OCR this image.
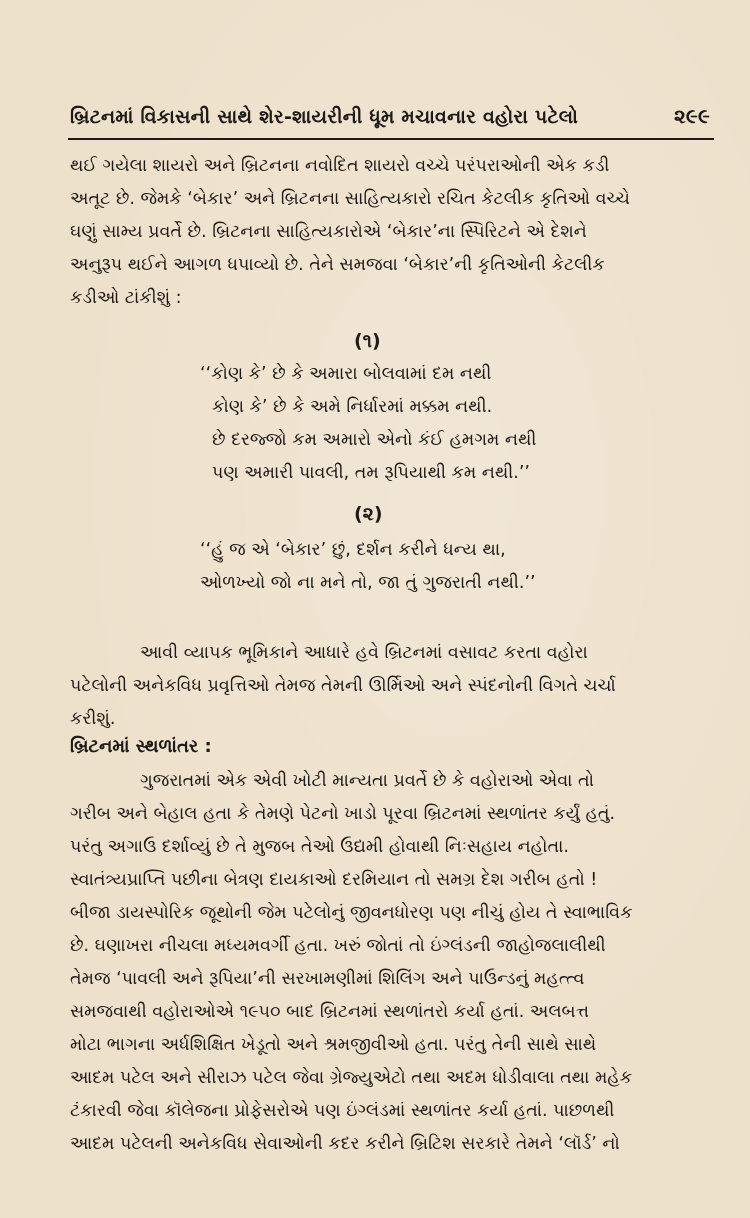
બ્રિટનમાં વિકાસની સાથે શેર-શાયરીની ધૂમ મચાવનાર વહોરા પટેલો	૨૯૯
થઈ ગયેલા શાયરો અને બ્રિટનના નવોદિત શાયરો વચ્ચે પરંપરાઓની એક કડી
અતૂટ છે. જેમકે ‘બેકાર’ અને બ્રિટનના સાહિત્યકારો રચિત કેટલીક કૃતિઓ વચ્ચે
ઘણું સામ્ય પ્રવર્તે છે. બ્રિટનના સાહિત્યકારોએ ‘બેકાર’ના સ્પિરિટને એ દેશને
અનુરૂપ થઈને આગળ ધપાવ્યો છે. તેને સમજવા ‘બેકાર’ની કૃતિઓની કેટલીક
કડીઓ ટાંકીશું :
(૧)
‘‘કોણ કે’ છે કે અમારા બોલવામાં દમ નથી
કોણ કે’ છે કે અમે નિર્ધારમાં મક્કમ નથી.
છે દરજ્જો કમ અમારો એનો કંઈ હમગમ નથી
પણ અમારી પાવલી, તમ રૂપિયાથી કમ નથી.’’
(૨)
‘‘હું જ એ ‘બેકાર’ છું, દર્શન કરીને ધન્ય થા,
ઓળખ્યો જો ના મને તો, જા તું ગુજરાતી નથી.’’
આવી વ્યાપક ભૂમિકાને આધારે હવે બ્રિટનમાં વસાવટ કરતા વહોરા
પટેલોની અનેકવિધ પ્રવૃત્તિઓ તેમજ તેમની ઊર્મિઓ અને સ્પંદનોની વિગતે ચર્ચા
કરીશું.
બ્રિટનમાં સ્થળાંતર :
ગુજરાતમાં એક એવી ખોટી માન્યતા પ્રવર્તે છે કે વહોરાઓ એવા તો
ગરીબ અને બેહાલ હતા કે તેમણે પેટનો ખાડો પૂરવા બ્રિટનમાં સ્થળાંતર કર્યું હતું.
પરંતુ અગાઉ દર્શાવ્યું છે તે મુજબ તેઓ ઉદ્યમી હોવાથી નિઃસહાય નહોતા.
સ્વાતંત્ર્યપ્રાપ્તિ પછીના બેત્રણ દાયકાઓ દરમિયાન તો સમગ્ર દેશ ગરીબ હતો !
બીજા ડાયસ્પોરિક જૂથોની જેમ પટેલોનું જીવનધોરણ પણ નીચું હોય તે સ્વાભાવિક
છે. ઘણાખરા નીચલા મધ્યમવર્ગી હતા. ખરું જોતાં તો ઇંગ્લંડની જાહોજલાલીથી
તેમજ ‘પાવલી અને રૂપિયા’ની સરખામણીમાં શિલિંગ અને પાઉન્ડનું મહત્ત્વ
સમજવાથી વહોરાઓએ ૧૯૫૦ બાદ બ્રિટનમાં સ્થળાંતરો કર્યા હતાં. અલબત્ત
મોટા ભાગના અર્ધશિક્ષિત ખેડૂતો અને શ્રમજીવીઓ હતા. પરંતુ તેની સાથે સાથે
આદમ પટેલ અને સીરાઝ પટેલ જેવા ગ્રેજ્યુએટો તથા અદમ ધોડીવાલા તથા મહેક
ટંકારવી જેવા કૉલેજના પ્રોફેસરોએ પણ ઇંગ્લંડમાં સ્થળાંતર કર્યા હતાં. પાછળથી
આદમ પટેલની અનેકવિધ સેવાઓની કદર કરીને બ્રિટિશ સરકારે તેમને ‘લૉર્ડ’ નો
